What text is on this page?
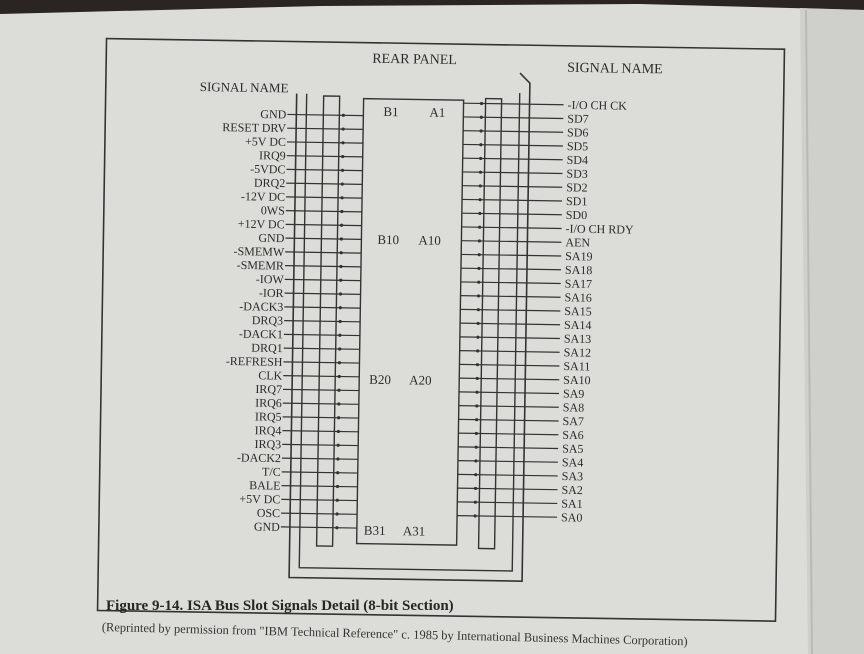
REAR PANEL
SIGNAL NAME
SIGNAL NAME
GND
RESET DRV
+5V DC
IRQ9
-5VDC
DRQ2
-12V DC
0WS
+12V DC
GND
-SMEMW
-SMEMR
-IOW
-IOR
-DACK3
DRQ3
-DACK1
DRQ1
-REFRESH
CLK
IRQ7
IRQ6
IRQ5
IRQ4
IRQ3
-DACK2
T/C
BALE
+5V DC
OSC
GND
-I/O CH CK
SD7
SD6
SD5
SD4
SD3
SD2
SD1
SD0
-I/O CH RDY
AEN
SA19
SA18
SA17
SA16
SA15
SA14
SA13
SA12
SA11
SA10
SA9
SA8
SA7
SA6
SA5
SA4
SA3
SA2
SA1
SA0
B1 A1
B10 A10
B20 A20
B31 A31
Figure 9-14. ISA Bus Slot Signals Detail (8-bit Section)
(Reprinted by permission from "IBM Technical Reference" c. 1985 by International Business Machines Corporation)
